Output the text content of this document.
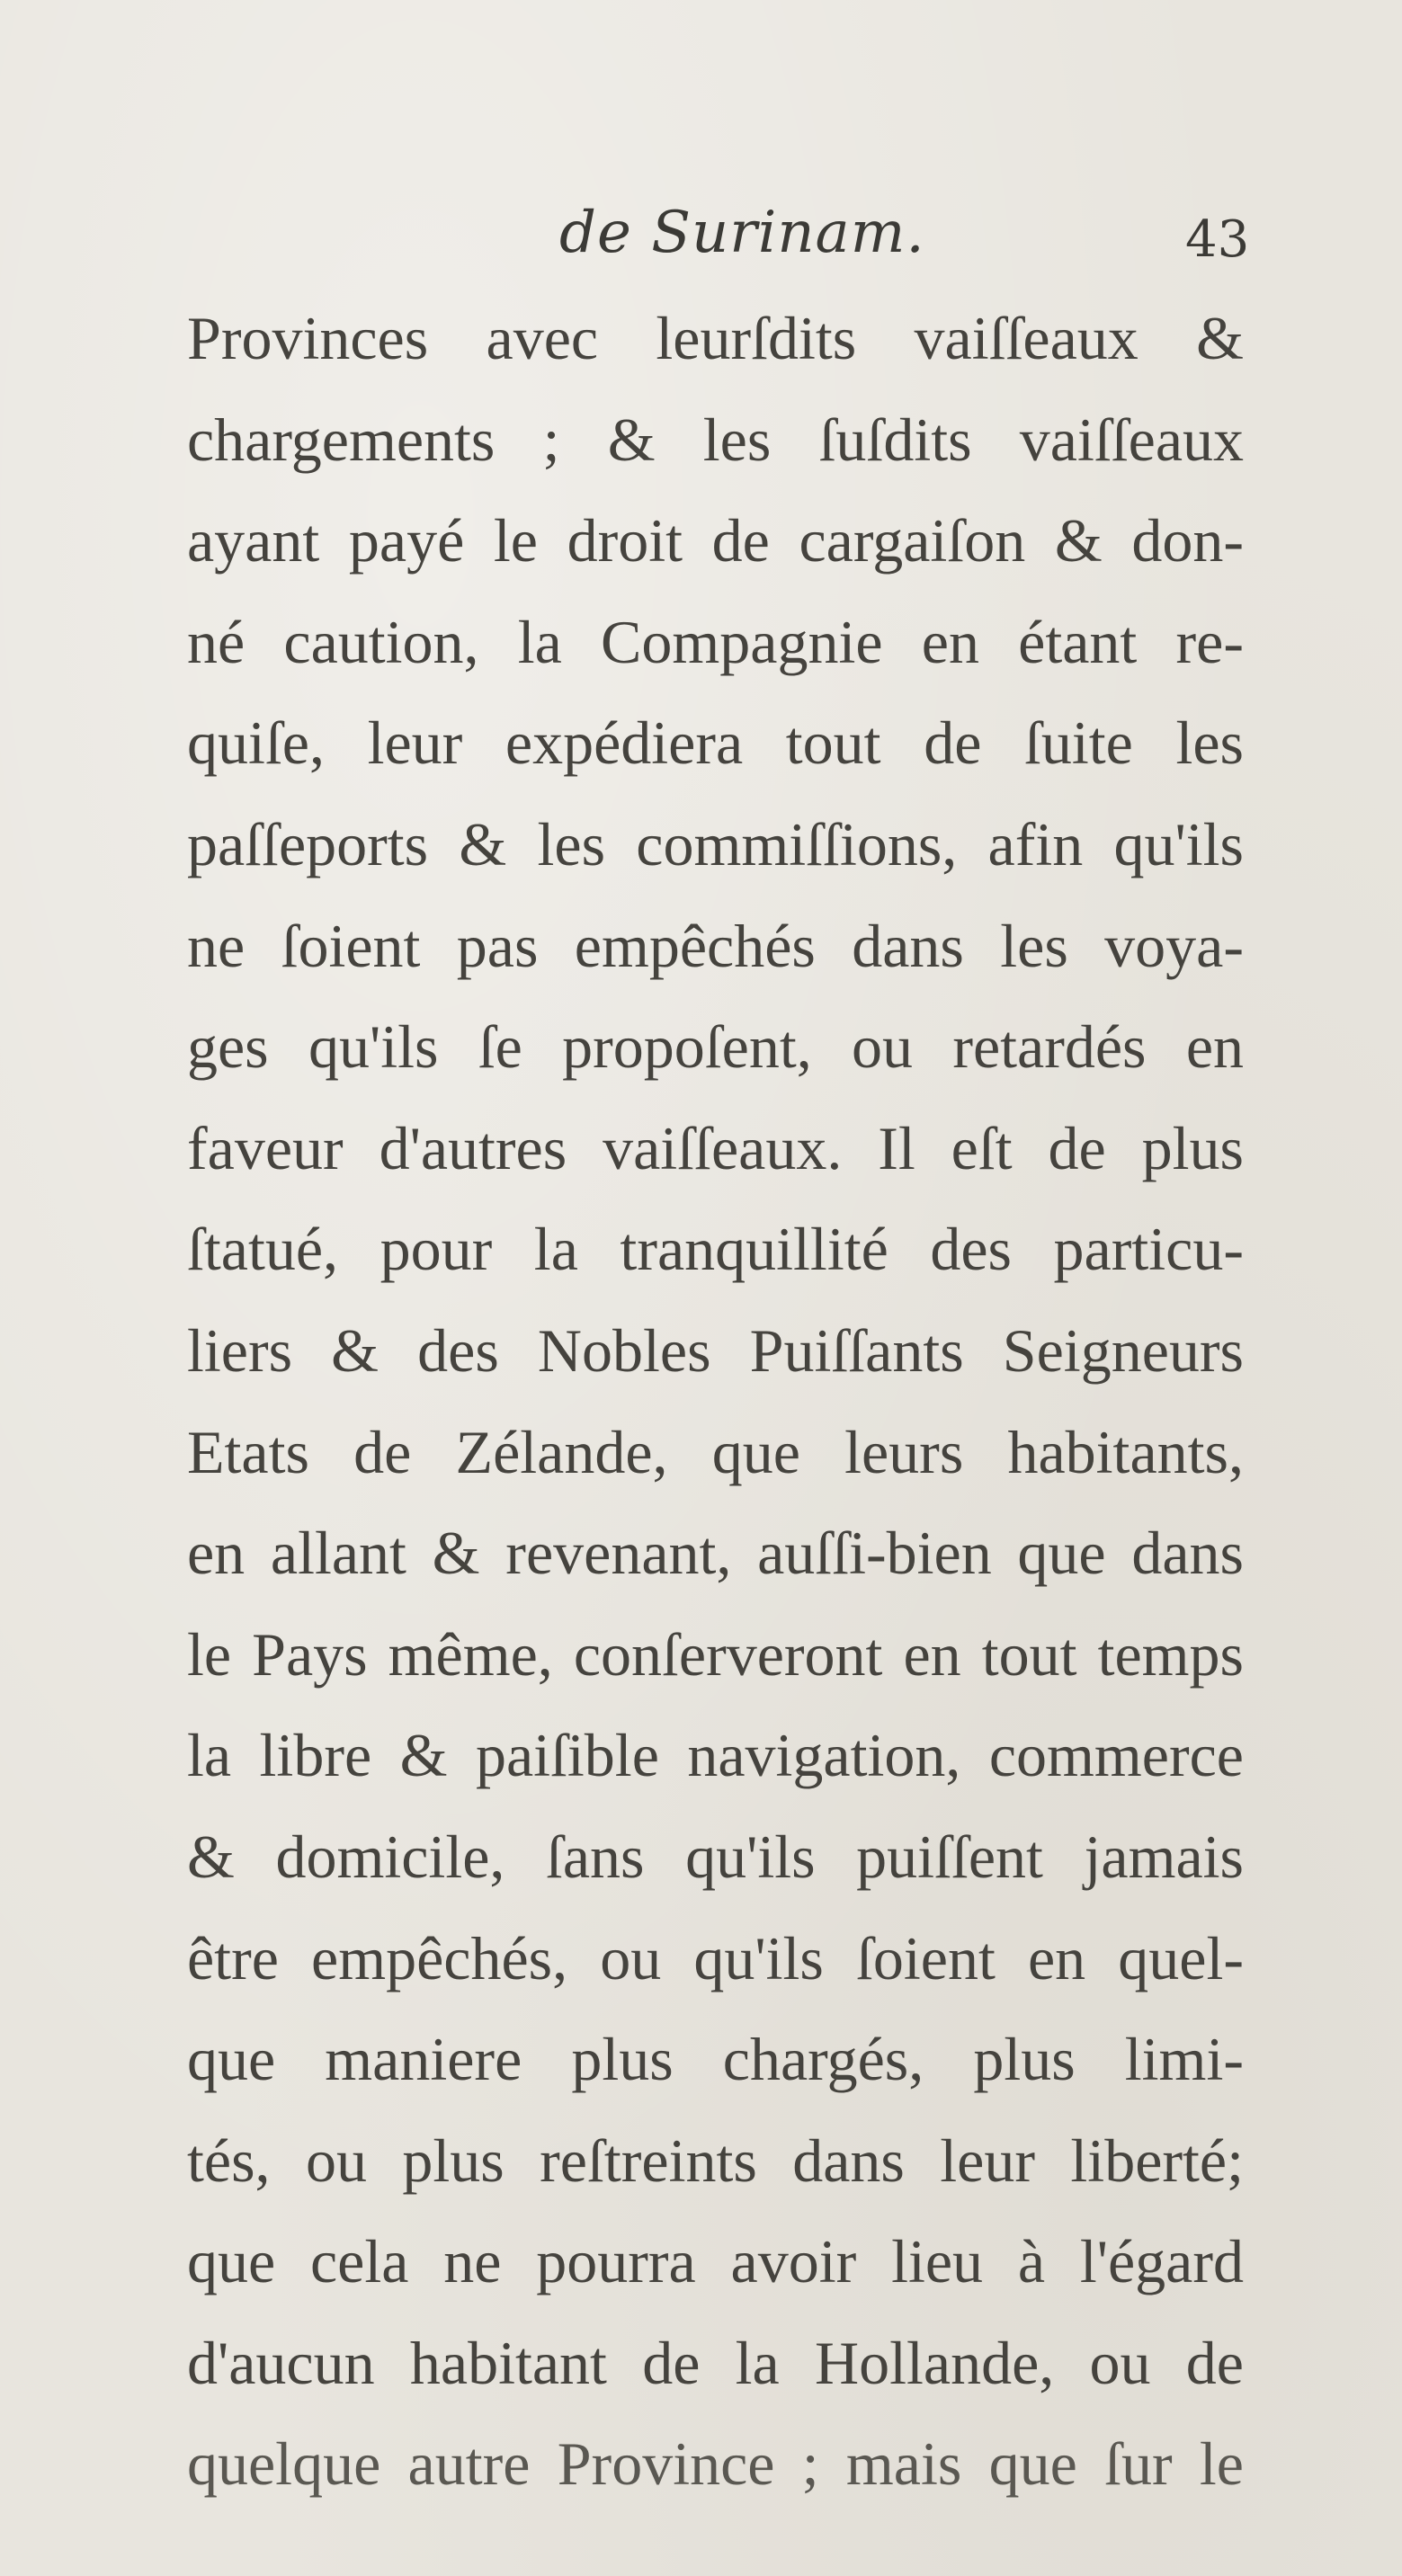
de Surinam.	43
Provinces avec leurſdits vaiſſeaux &
chargements ; & les ſuſdits vaiſſeaux
ayant payé le droit de cargaiſon & don-
né caution, la Compagnie en étant re-
quiſe, leur expédiera tout de ſuite les
paſſeports & les commiſſions, afin qu'ils
ne ſoient pas empêchés dans les voya-
ges qu'ils ſe propoſent, ou retardés en
faveur d'autres vaiſſeaux. Il eſt de plus
ſtatué, pour la tranquillité des particu-
liers & des Nobles Puiſſants Seigneurs
Etats de Zélande, que leurs habitants,
en allant & revenant, auſſi-bien que dans
le Pays même, conſerveront en tout temps
la libre & paiſible navigation, commerce
& domicile, ſans qu'ils puiſſent jamais
être empêchés, ou qu'ils ſoient en quel-
que maniere plus chargés, plus limi-
tés, ou plus reſtreints dans leur liberté;
que cela ne pourra avoir lieu à l'égard
d'aucun habitant de la Hollande, ou de
quelque autre Province ; mais que ſur le
